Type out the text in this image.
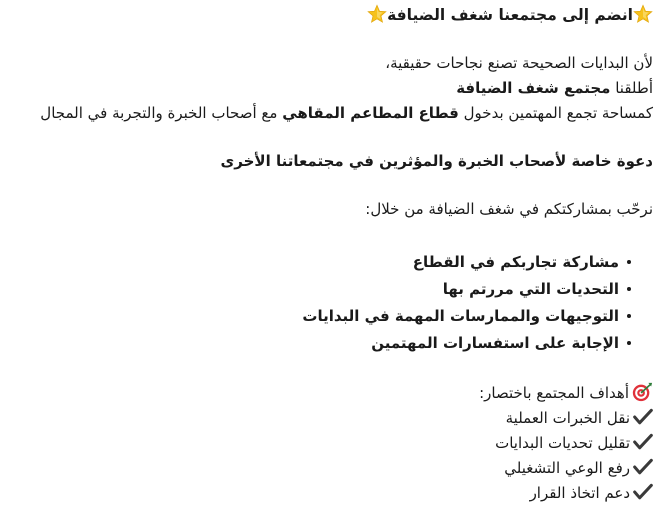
انضم إلى مجتمعنا شغف الضيافة
لأن البدايات الصحيحة تصنع نجاحات حقيقية،
أطلقنا مجتمع شغف الضيافة
كمساحة تجمع المهتمين بدخول قطاع المطاعم المقاهي مع أصحاب الخبرة والتجربة في المجال
دعوة خاصة لأصحاب الخبرة والمؤثرين في مجتمعاتنا الأخرى
نرحّب بمشاركتكم في شغف الضيافة من خلال:
مشاركة تجاربكم في القطاع
التحديات التي مررتم بها
التوجيهات والممارسات المهمة في البدايات
الإجابة على استفسارات المهتمين
أهداف المجتمع باختصار:
نقل الخبرات العملية
تقليل تحديات البدايات
رفع الوعي التشغيلي
دعم اتخاذ القرار
